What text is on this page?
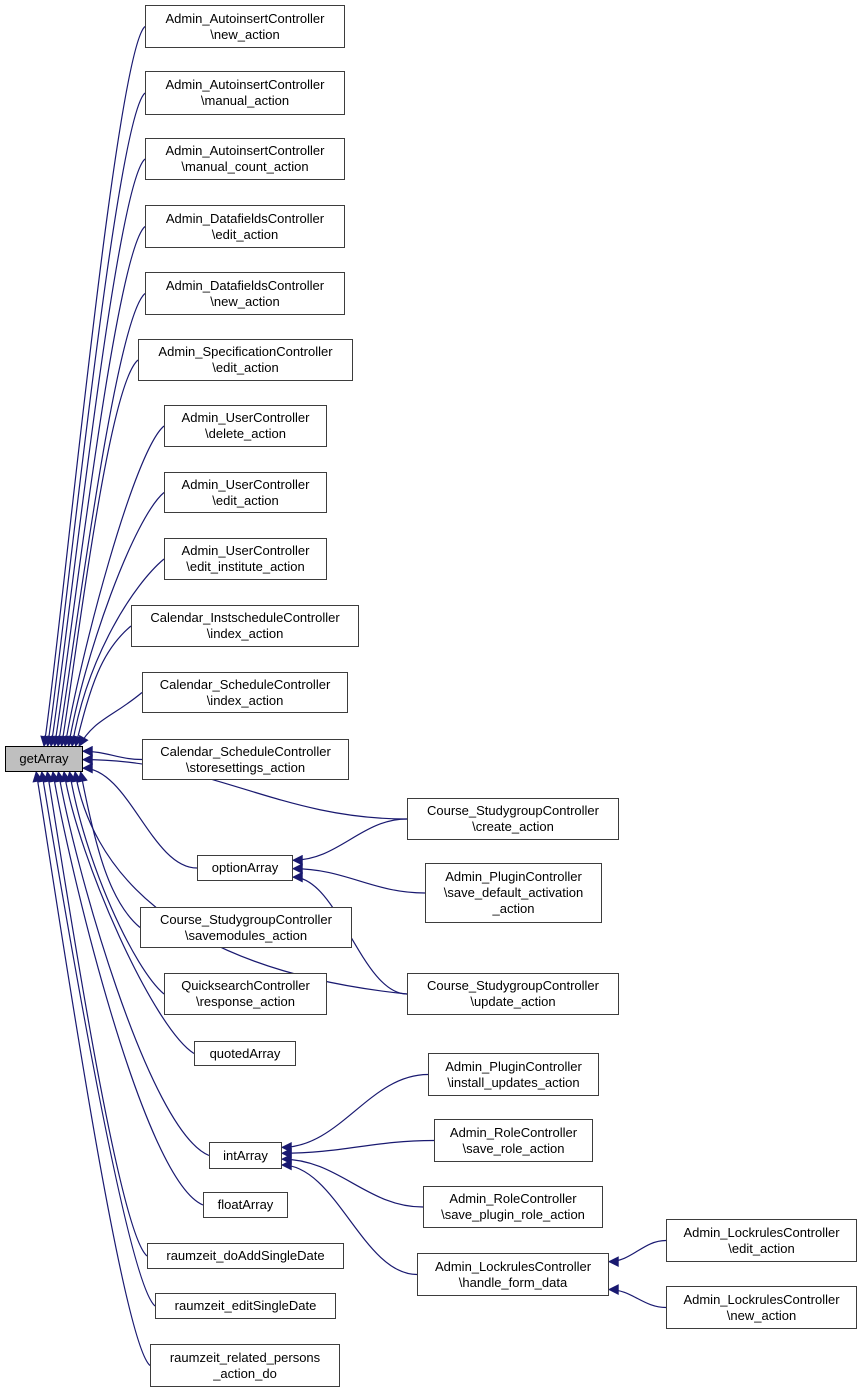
Admin_AutoinsertController
\new_action
Admin_AutoinsertController
\manual_action
Admin_AutoinsertController
\manual_count_action
Admin_DatafieldsController
\edit_action
Admin_DatafieldsController
\new_action
Admin_SpecificationController
\edit_action
Admin_UserController
\delete_action
Admin_UserController
\edit_action
Admin_UserController
\edit_institute_action
Calendar_InstscheduleController
\index_action
Calendar_ScheduleController
\index_action
Calendar_ScheduleController
\storesettings_action
getArray
optionArray
Course_StudygroupController
\savemodules_action
QuicksearchController
\response_action
quotedArray
intArray
floatArray
raumzeit_doAddSingleDate
raumzeit_editSingleDate
raumzeit_related_persons
_action_do
Course_StudygroupController
\create_action
Admin_PluginController
\save_default_activation
_action
Course_StudygroupController
\update_action
Admin_PluginController
\install_updates_action
Admin_RoleController
\save_role_action
Admin_RoleController
\save_plugin_role_action
Admin_LockrulesController
\handle_form_data
Admin_LockrulesController
\edit_action
Admin_LockrulesController
\new_action
